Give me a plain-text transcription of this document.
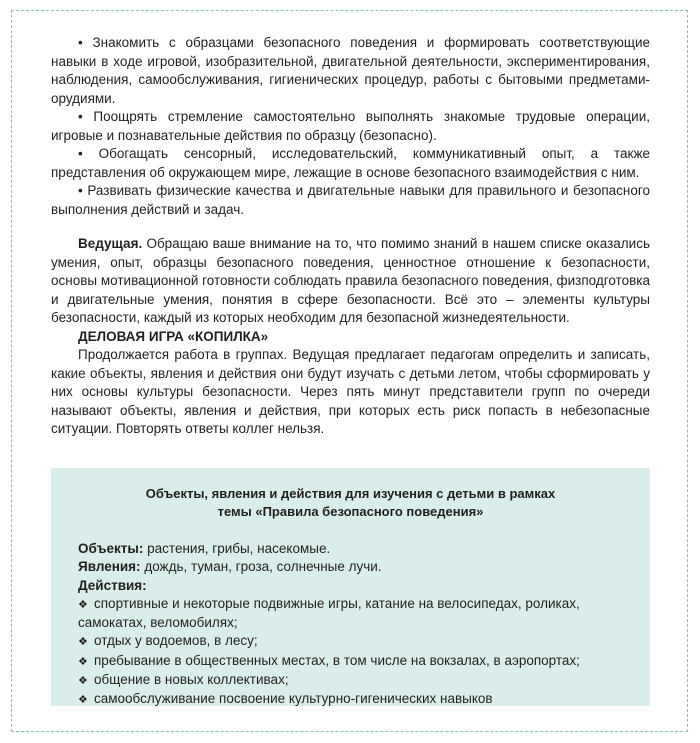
• Знакомить с образцами безопасного поведения и формировать соответствующие навыки в ходе игровой, изобразительной, двигательной деятельности, экспериментирования, наблюдения, самообслуживания, гигиенических процедур, работы с бытовыми предметами-орудиями.

• Поощрять стремление самостоятельно выполнять знакомые трудовые операции, игровые и познавательные действия по образцу (безопасно).

• Обогащать сенсорный, исследовательский, коммуникативный опыт, а также представления об окружающем мире, лежащие в основе безопасного взаимодействия с ним.

• Развивать физические качества и двигательные навыки для правильного и безопасного выполнения действий и задач.

Ведущая. Обращаю ваше внимание на то, что помимо знаний в нашем списке оказались умения, опыт, образцы безопасного поведения, ценностное отношение к безопасности, основы мотивационной готовности соблюдать правила безопасного поведения, физподготовка и двигательные умения, понятия в сфере безопасности. Всё это – элементы культуры безопасности, каждый из которых необходим для безопасной жизнедеятельности.

ДЕЛОВАЯ ИГРА «КОПИЛКА»

Продолжается работа в группах. Ведущая предлагает педагогам определить и записать, какие объекты, явления и действия они будут изучать с детьми летом, чтобы сформировать у них основы культуры безопасности. Через пять минут представители групп по очереди называют объекты, явления и действия, при которых есть риск попасть в небезопасные ситуации. Повторять ответы коллег нельзя.

Объекты, явления и действия для изучения с детьми в рамках
темы «Правила безопасного поведения»

Объекты: растения, грибы, насекомые.

Явления: дождь, туман, гроза, солнечные лучи.

Действия:

❖ спортивные и некоторые подвижные игры, катание на велосипедах, роликах, самокатах, веломобилях;

❖ отдых у водоемов, в лесу;

❖ пребывание в общественных местах, в том числе на вокзалах, в аэропортах;

❖ общение в новых коллективах;

❖ самообслуживание посвоение культурно-гигенических навыков
